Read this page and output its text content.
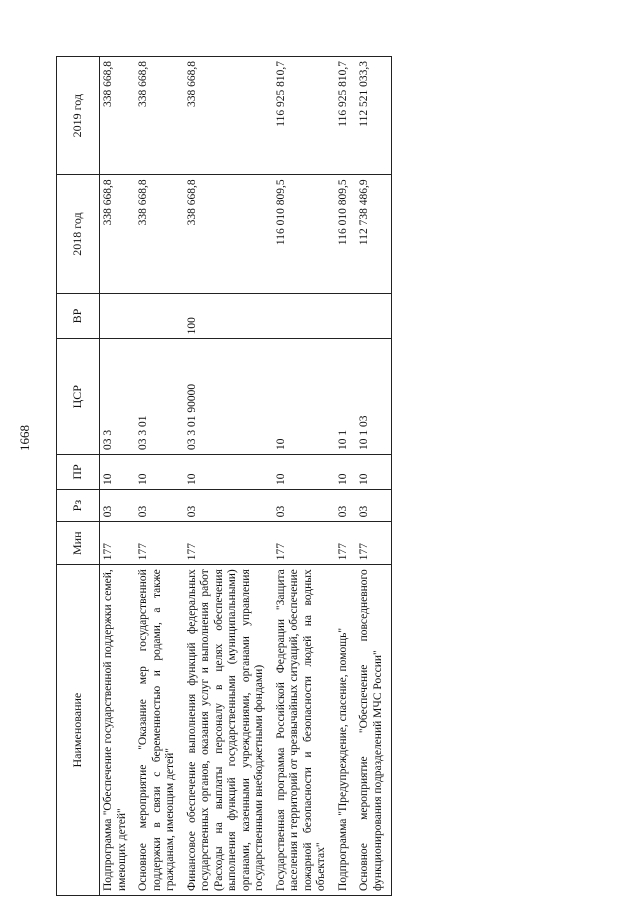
1668
Наименование	Мин	Рз	ПР	ЦСР	ВР	2018 год	2019 год
Подпрограмма "Обеспечение государственной поддержки семей, имеющих детей"	177	03	10	03 3		338 668,8	338 668,8
Основное мероприятие "Оказание мер государственной поддержки в связи с беременностью и родами, а также гражданам, имеющим детей"	177	03	10	03 3 01		338 668,8	338 668,8
Финансовое обеспечение выполнения функций федеральных государственных органов, оказания услуг и выполнения работ (Расходы на выплаты персоналу в целях обеспечения выполнения функций государственными (муниципальными) органами, казенными учреждениями, органами управления государственными внебюджетными фондами)	177	03	10	03 3 01 90000	100	338 668,8	338 668,8
Государственная программа Российской Федерации "Защита населения и территорий от чрезвычайных ситуаций, обеспечение пожарной безопасности и безопасности людей на водных объектах"	177	03	10	10		116 010 809,5	116 925 810,7
Подпрограмма "Предупреждение, спасение, помощь"	177	03	10	10 1		116 010 809,5	116 925 810,7
Основное мероприятие "Обеспечение повседневного функционирования подразделений МЧС России"	177	03	10	10 1 03		112 738 486,9	112 521 033,3
